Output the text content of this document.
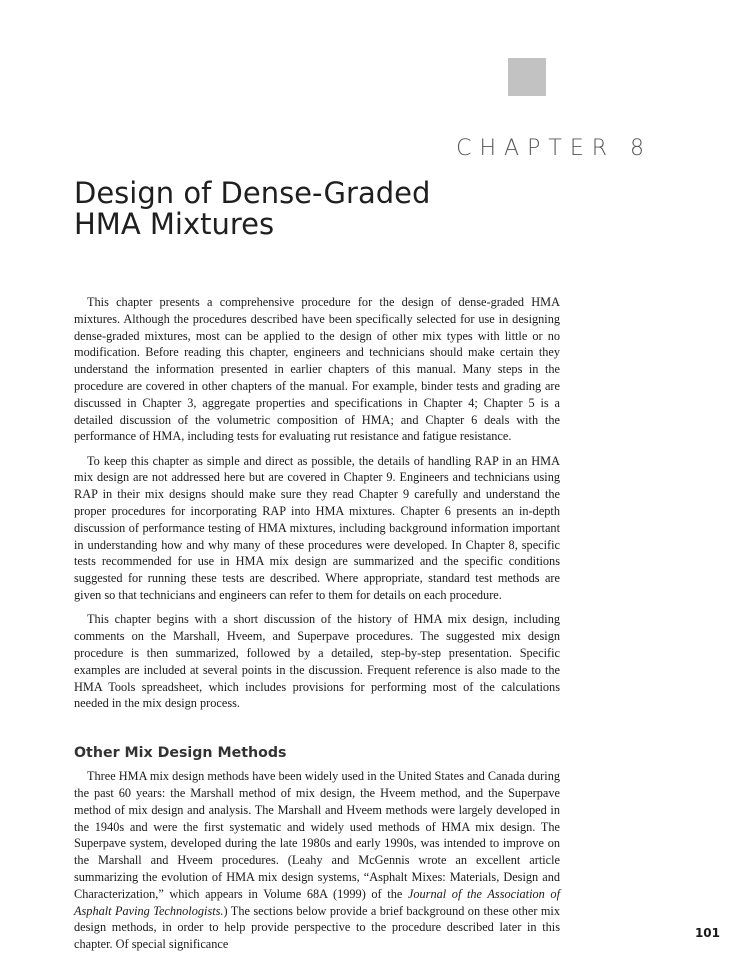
CHAPTER 8
Design of Dense-Graded
HMA Mixtures

This chapter presents a comprehensive procedure for the design of dense-graded HMA mixtures. Although the procedures described have been specifically selected for use in designing dense-graded mixtures, most can be applied to the design of other mix types with little or no modification. Before reading this chapter, engineers and technicians should make certain they understand the information presented in earlier chapters of this manual. Many steps in the procedure are covered in other chapters of the manual. For example, binder tests and grading are discussed in Chapter 3, aggregate properties and specifications in Chapter 4; Chapter 5 is a detailed discussion of the volumetric composition of HMA; and Chapter 6 deals with the performance of HMA, including tests for evaluating rut resistance and fatigue resistance.

To keep this chapter as simple and direct as possible, the details of handling RAP in an HMA mix design are not addressed here but are covered in Chapter 9. Engineers and technicians using RAP in their mix designs should make sure they read Chapter 9 carefully and understand the proper procedures for incorporating RAP into HMA mixtures. Chapter 6 presents an in-depth discussion of performance testing of HMA mixtures, including background information important in understanding how and why many of these procedures were developed. In Chapter 8, specific tests recommended for use in HMA mix design are summarized and the specific conditions suggested for running these tests are described. Where appropriate, standard test methods are given so that technicians and engineers can refer to them for details on each procedure.

This chapter begins with a short discussion of the history of HMA mix design, including comments on the Marshall, Hveem, and Superpave procedures. The suggested mix design procedure is then summarized, followed by a detailed, step-by-step presentation. Specific examples are included at several points in the discussion. Frequent reference is also made to the HMA Tools spreadsheet, which includes provisions for performing most of the calculations needed in the mix design process.

Other Mix Design Methods

Three HMA mix design methods have been widely used in the United States and Canada during the past 60 years: the Marshall method of mix design, the Hveem method, and the Superpave method of mix design and analysis. The Marshall and Hveem methods were largely developed in the 1940s and were the first systematic and widely used methods of HMA mix design. The Superpave system, developed during the late 1980s and early 1990s, was intended to improve on the Marshall and Hveem procedures. (Leahy and McGennis wrote an excellent article summarizing the evolution of HMA mix design systems, “Asphalt Mixes: Materials, Design and Characterization,” which appears in Volume 68A (1999) of the Journal of the Association of Asphalt Paving Technologists.) The sections below provide a brief background on these other mix design methods, in order to help provide perspective to the procedure described later in this chapter. Of special significance

101
